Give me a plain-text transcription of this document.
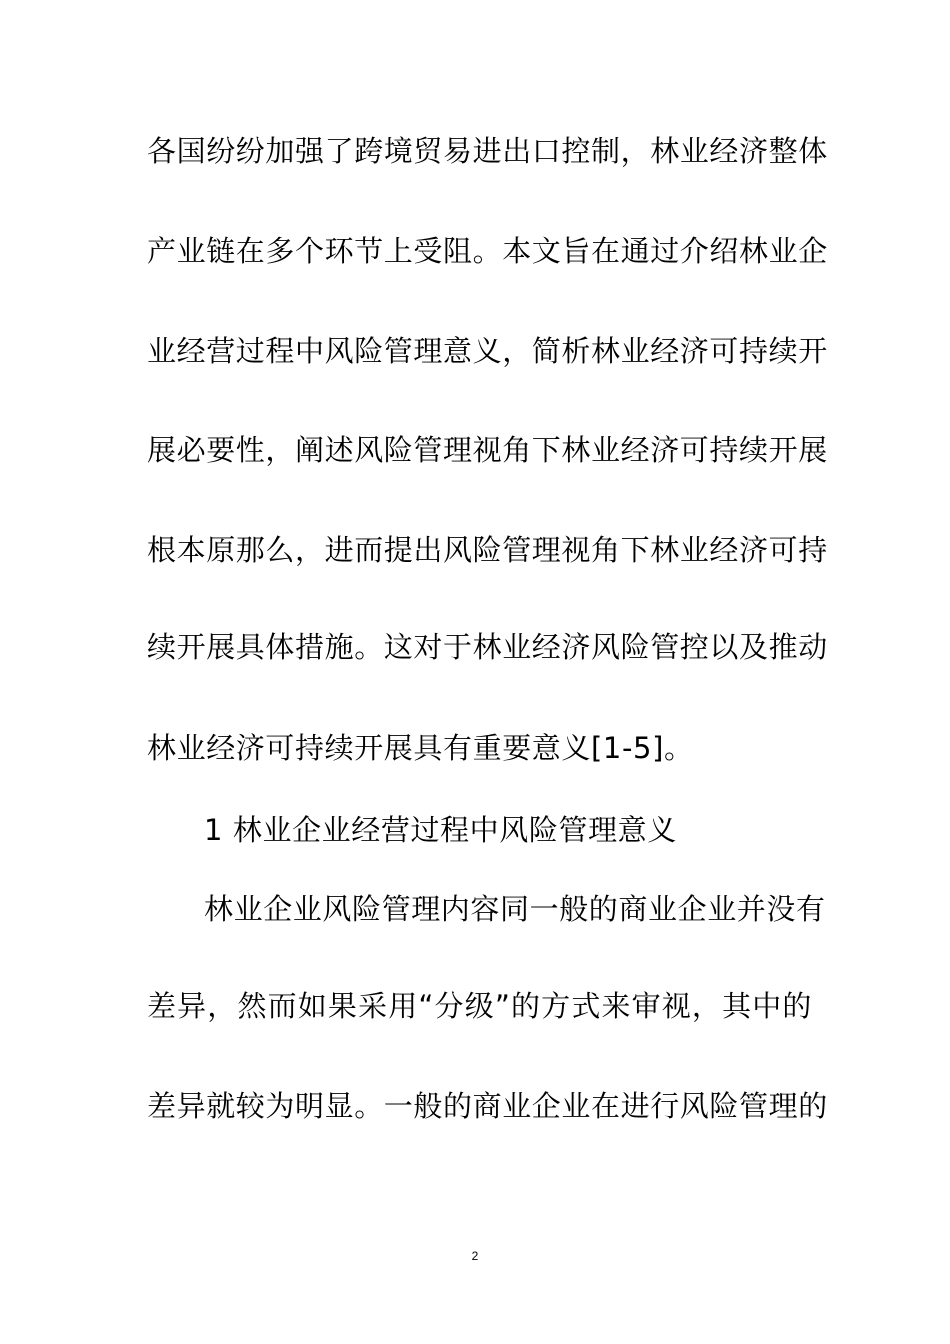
各国纷纷加强了跨境贸易进出口控制，林业经济整体
产业链在多个环节上受阻。本文旨在通过介绍林业企
业经营过程中风险管理意义，简析林业经济可持续开
展必要性，阐述风险管理视角下林业经济可持续开展
根本原那么，进而提出风险管理视角下林业经济可持
续开展具体措施。这对于林业经济风险管控以及推动
林业经济可持续开展具有重要意义[1-5]。
1 林业企业经营过程中风险管理意义
林业企业风险管理内容同一般的商业企业并没有
差异，然而如果采用“分级”的方式来审视，其中的
差异就较为明显。一般的商业企业在进行风险管理的
2
